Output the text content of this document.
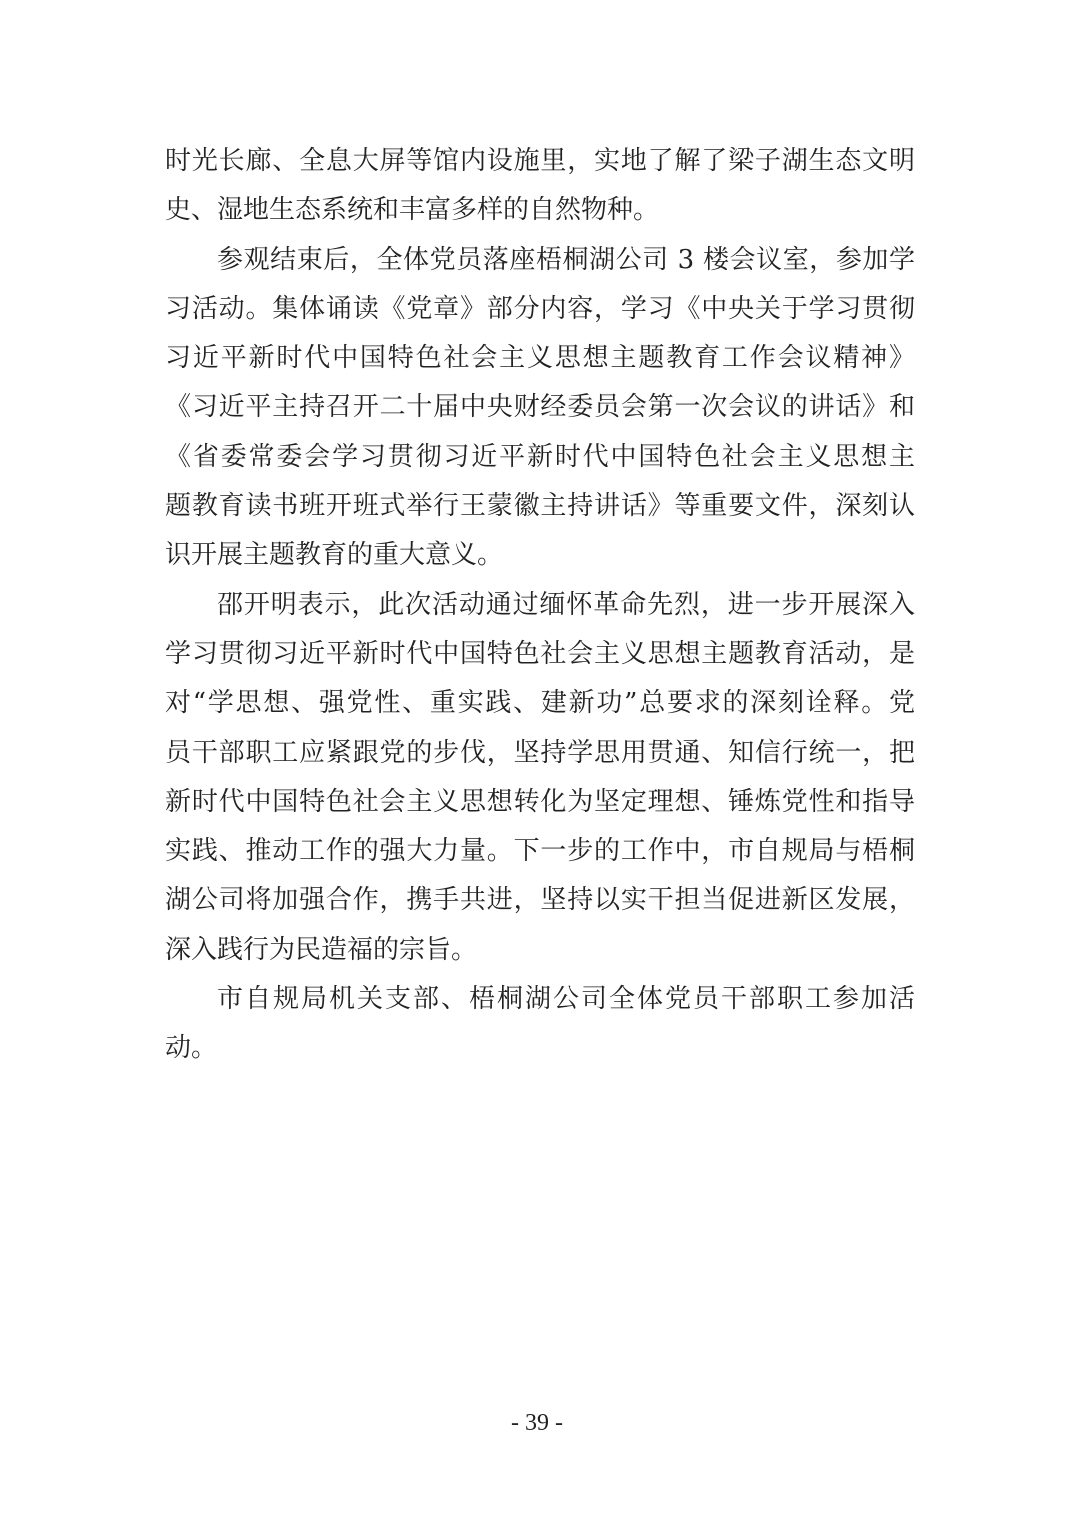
时光长廊、全息大屏等馆内设施里，实地了解了梁子湖生态文明
史、湿地生态系统和丰富多样的自然物种。
参观结束后，全体党员落座梧桐湖公司 3 楼会议室，参加学
习活动。集体诵读《党章》部分内容，学习《中央关于学习贯彻
习近平新时代中国特色社会主义思想主题教育工作会议精神》
《习近平主持召开二十届中央财经委员会第一次会议的讲话》和
《省委常委会学习贯彻习近平新时代中国特色社会主义思想主
题教育读书班开班式举行王蒙徽主持讲话》等重要文件，深刻认
识开展主题教育的重大意义。
邵开明表示，此次活动通过缅怀革命先烈，进一步开展深入
学习贯彻习近平新时代中国特色社会主义思想主题教育活动，是
对“学思想、强党性、重实践、建新功”总要求的深刻诠释。党
员干部职工应紧跟党的步伐，坚持学思用贯通、知信行统一，把
新时代中国特色社会主义思想转化为坚定理想、锤炼党性和指导
实践、推动工作的强大力量。下一步的工作中，市自规局与梧桐
湖公司将加强合作，携手共进，坚持以实干担当促进新区发展，
深入践行为民造福的宗旨。
市自规局机关支部、梧桐湖公司全体党员干部职工参加活
动。
- 39 -
